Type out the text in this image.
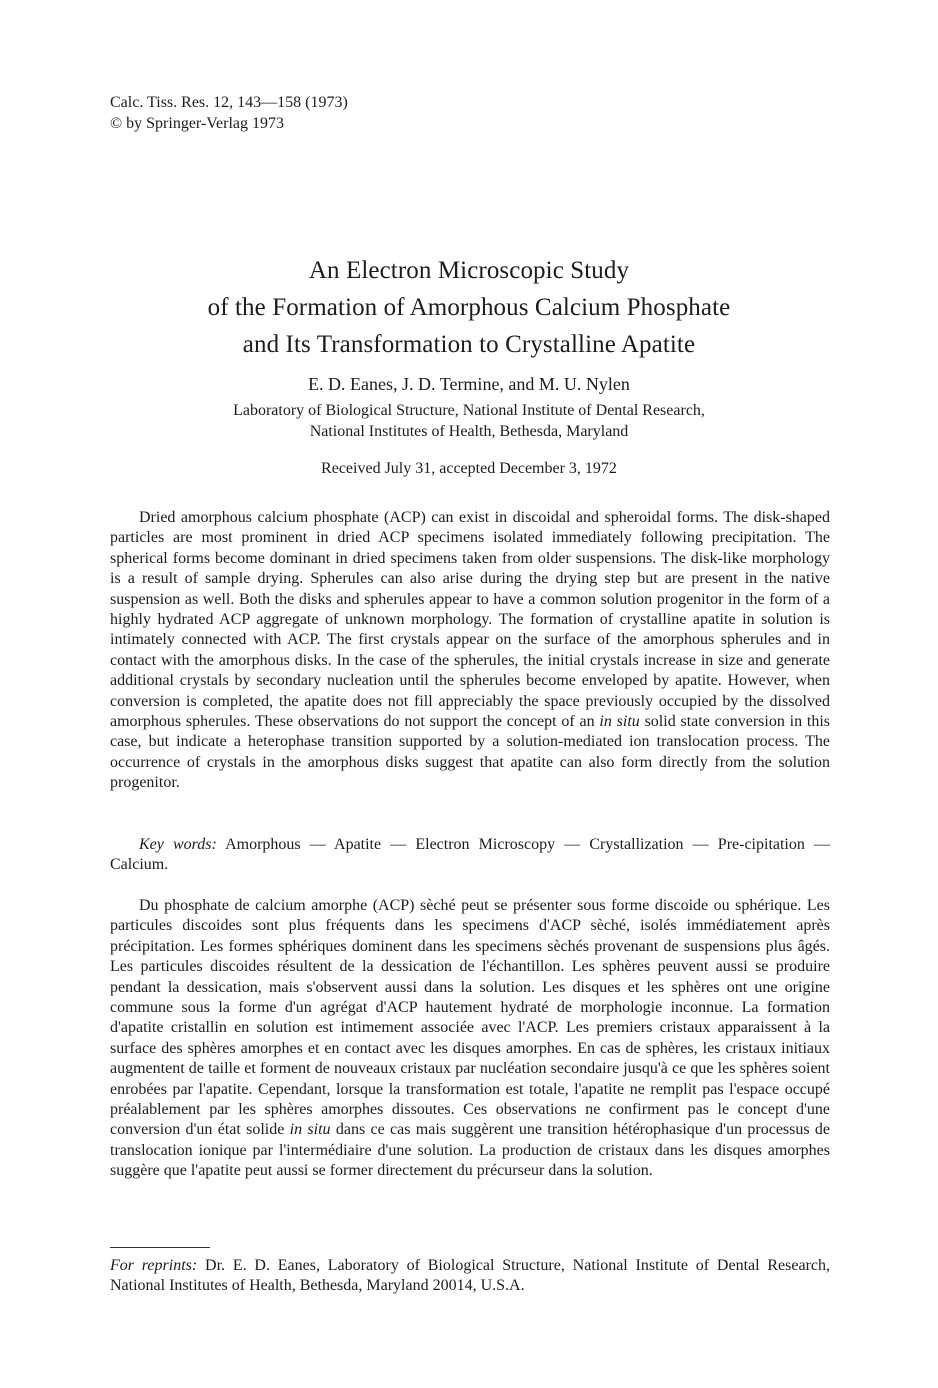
Calc. Tiss. Res. 12, 143—158 (1973)
© by Springer-Verlag 1973
An Electron Microscopic Study
of the Formation of Amorphous Calcium Phosphate
and Its Transformation to Crystalline Apatite
E. D. Eanes, J. D. Termine, and M. U. Nylen
Laboratory of Biological Structure, National Institute of Dental Research,
National Institutes of Health, Bethesda, Maryland
Received July 31, accepted December 3, 1972

Dried amorphous calcium phosphate (ACP) can exist in discoidal and spheroidal forms. The disk-shaped particles are most prominent in dried ACP specimens isolated immediately following precipitation. The spherical forms become dominant in dried specimens taken from older suspensions. The disk-like morphology is a result of sample drying. Spherules can also arise during the drying step but are present in the native suspension as well. Both the disks and spherules appear to have a common solution progenitor in the form of a highly hydrated ACP aggregate of unknown morphology. The formation of crystalline apatite in solution is intimately connected with ACP. The first crystals appear on the surface of the amorphous spherules and in contact with the amorphous disks. In the case of the spherules, the initial crystals increase in size and generate additional crystals by secondary nucleation until the spherules become enveloped by apatite. However, when conversion is completed, the apatite does not fill appreciably the space previously occupied by the dissolved amorphous spherules. These observations do not support the concept of an in situ solid state conversion in this case, but indicate a heterophase transition supported by a solution-mediated ion translocation process. The occurrence of crystals in the amorphous disks suggest that apatite can also form directly from the solution progenitor.

Key words: Amorphous — Apatite — Electron Microscopy — Crystallization — Pre-cipitation — Calcium.

Du phosphate de calcium amorphe (ACP) sèché peut se présenter sous forme discoide ou sphérique. Les particules discoides sont plus fréquents dans les specimens d'ACP sèché, isolés immédiatement après précipitation. Les formes sphériques dominent dans les specimens sèchés provenant de suspensions plus âgés. Les particules discoides résultent de la dessication de l'échantillon. Les sphères peuvent aussi se produire pendant la dessication, mais s'observent aussi dans la solution. Les disques et les sphères ont une origine commune sous la forme d'un agrégat d'ACP hautement hydraté de morphologie inconnue. La formation d'apatite cristallin en solution est intimement associée avec l'ACP. Les premiers cristaux apparaissent à la surface des sphères amorphes et en contact avec les disques amorphes. En cas de sphères, les cristaux initiaux augmentent de taille et forment de nouveaux cristaux par nucléation secondaire jusqu'à ce que les sphères soient enrobées par l'apatite. Cependant, lorsque la transformation est totale, l'apatite ne remplit pas l'espace occupé préalablement par les sphères amorphes dissoutes. Ces observations ne confirment pas le concept d'une conversion d'un état solide in situ dans ce cas mais suggèrent une transition hétérophasique d'un processus de translocation ionique par l'intermédiaire d'une solution. La production de cristaux dans les disques amorphes suggère que l'apatite peut aussi se former directement du précurseur dans la solution.

For reprints: Dr. E. D. Eanes, Laboratory of Biological Structure, National Institute of Dental Research, National Institutes of Health, Bethesda, Maryland 20014, U.S.A.
